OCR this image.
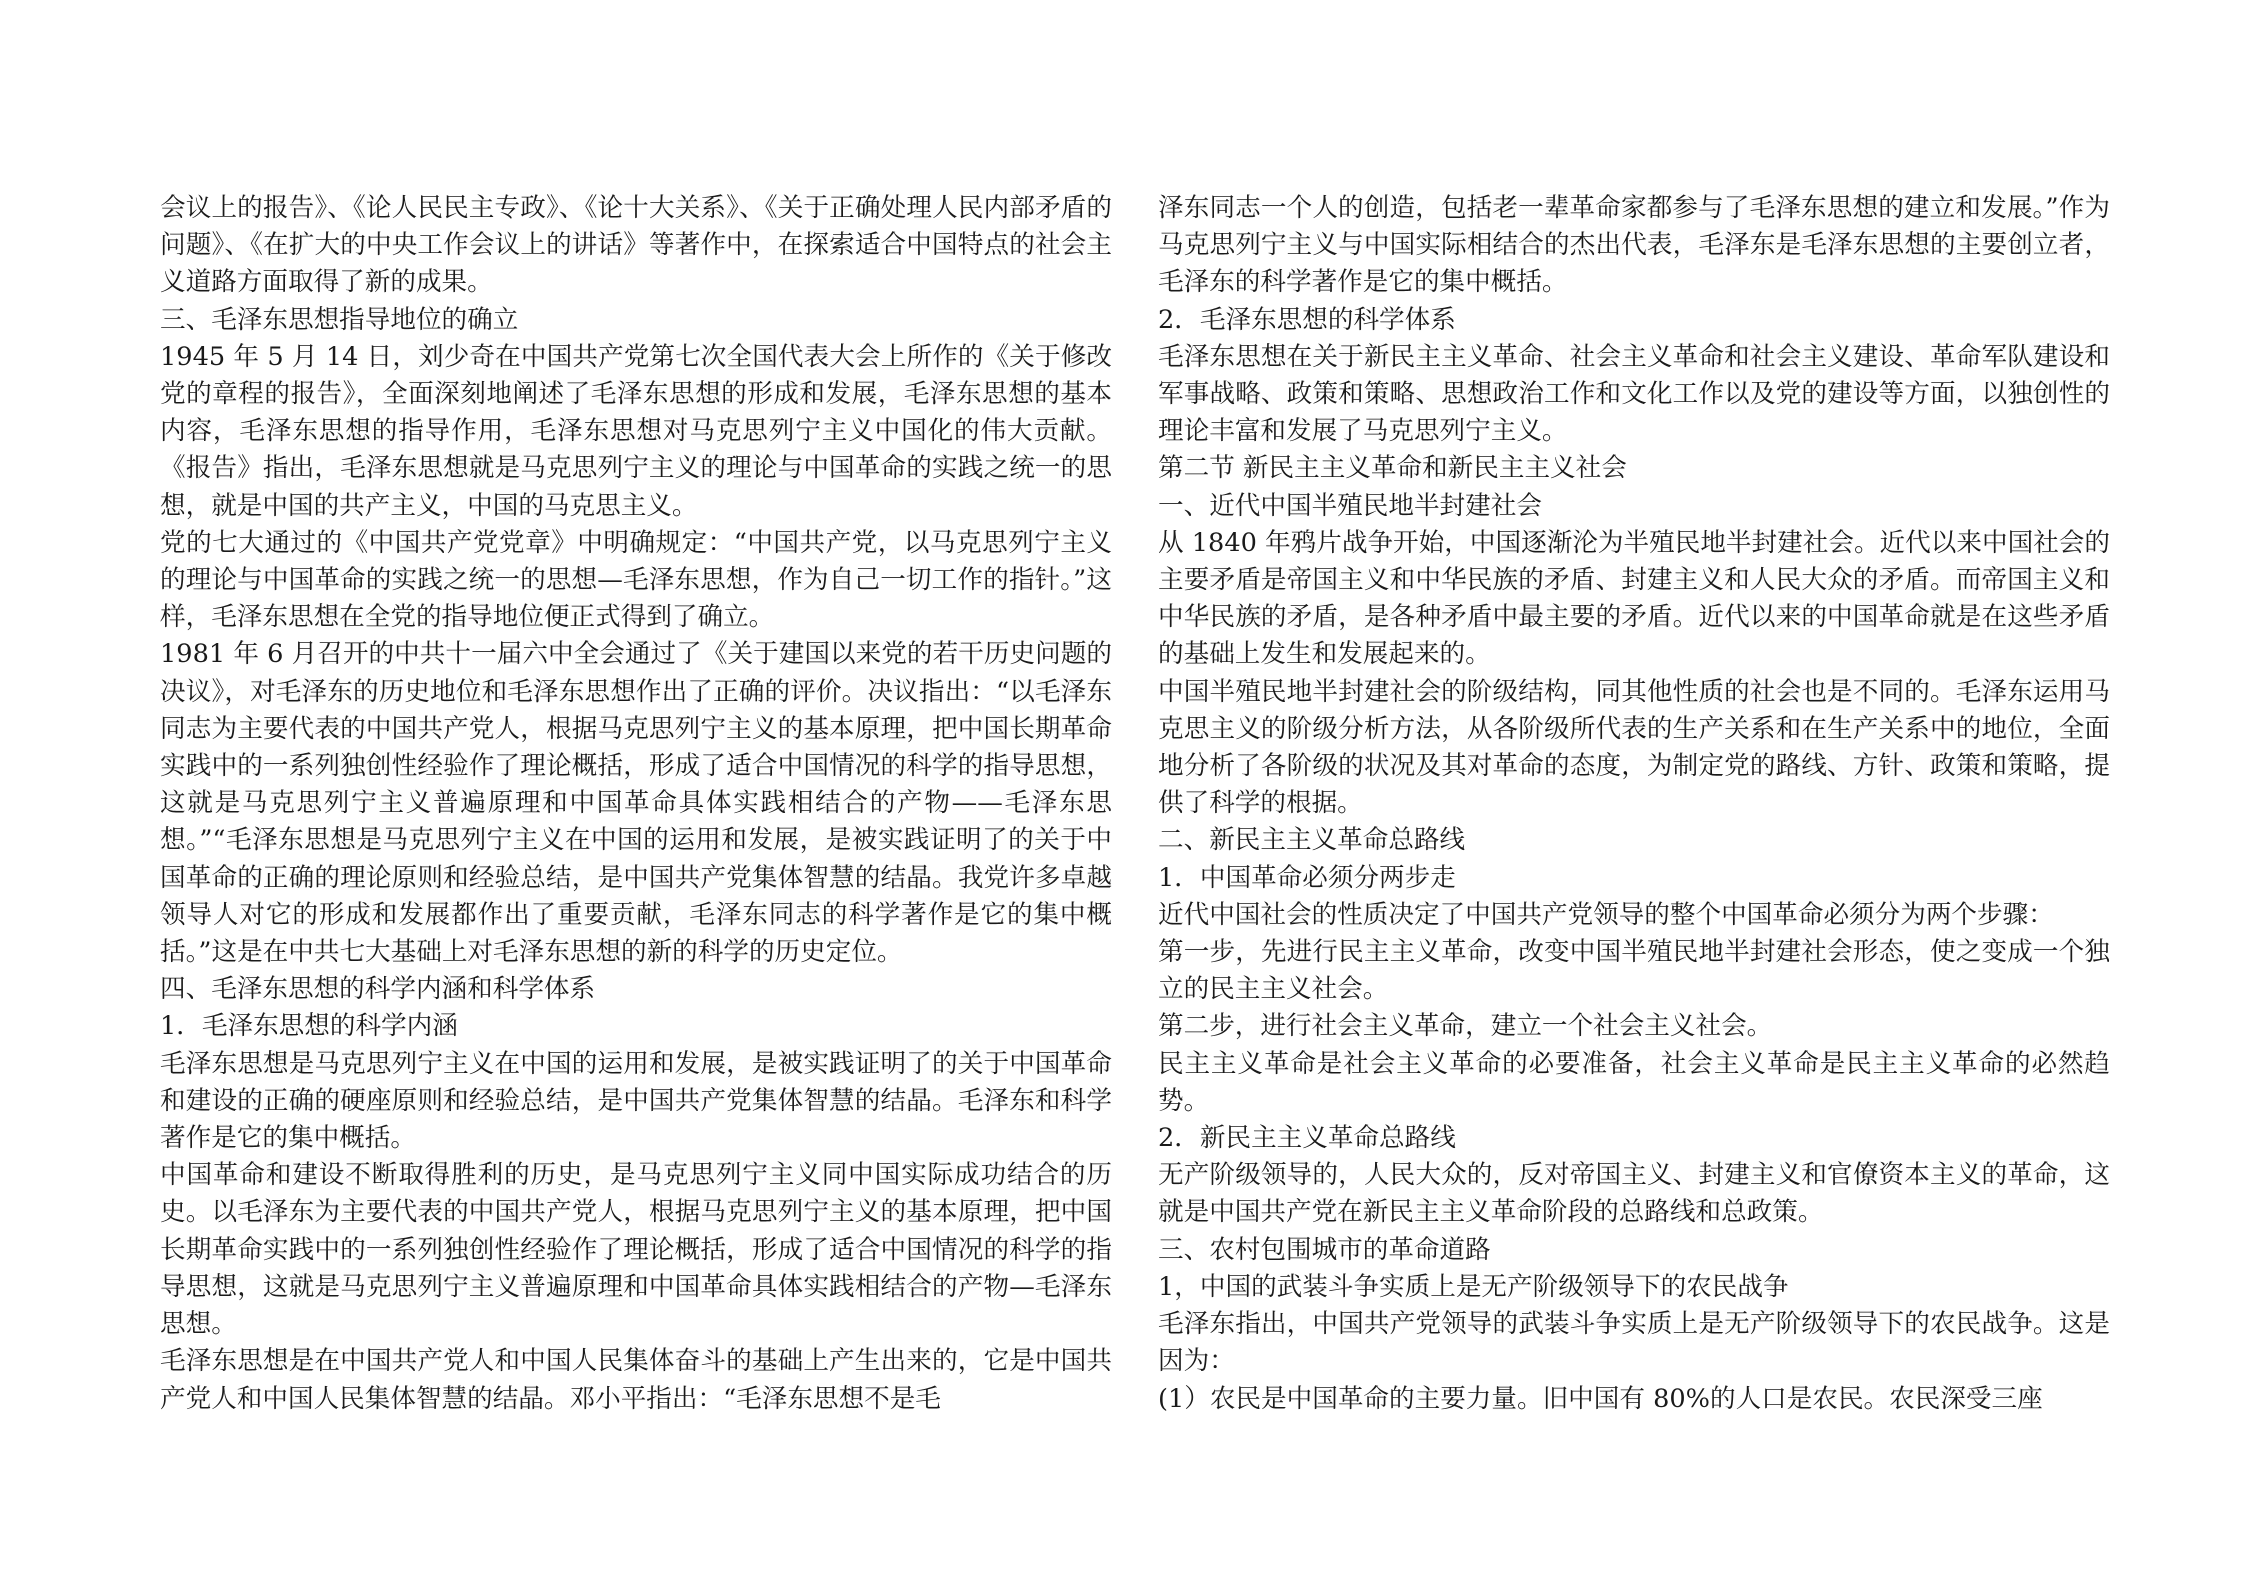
会议上的报告》、《论人民民主专政》、《论十大关系》、《关于正确处理人民内部矛盾的问题》、《在扩大的中央工作会议上的讲话》等著作中，在探索适合中国特点的社会主义道路方面取得了新的成果。

三、毛泽东思想指导地位的确立

1945 年 5 月 14 日，刘少奇在中国共产党第七次全国代表大会上所作的《关于修改党的章程的报告》，全面深刻地阐述了毛泽东思想的形成和发展，毛泽东思想的基本内容，毛泽东思想的指导作用，毛泽东思想对马克思列宁主义中国化的伟大贡献。《报告》指出，毛泽东思想就是马克思列宁主义的理论与中国革命的实践之统一的思想，就是中国的共产主义，中国的马克思主义。

党的七大通过的《中国共产党党章》中明确规定：“中国共产党，以马克思列宁主义的理论与中国革命的实践之统一的思想—毛泽东思想，作为自己一切工作的指针。”这样，毛泽东思想在全党的指导地位便正式得到了确立。

1981 年 6 月召开的中共十一届六中全会通过了《关于建国以来党的若干历史问题的决议》，对毛泽东的历史地位和毛泽东思想作出了正确的评价。决议指出：“以毛泽东同志为主要代表的中国共产党人，根据马克思列宁主义的基本原理，把中国长期革命实践中的一系列独创性经验作了理论概括，形成了适合中国情况的科学的指导思想，这就是马克思列宁主义普遍原理和中国革命具体实践相结合的产物——毛泽东思想。”“毛泽东思想是马克思列宁主义在中国的运用和发展，是被实践证明了的关于中国革命的正确的理论原则和经验总结，是中国共产党集体智慧的结晶。我党许多卓越领导人对它的形成和发展都作出了重要贡献，毛泽东同志的科学著作是它的集中概括。”这是在中共七大基础上对毛泽东思想的新的科学的历史定位。

四、毛泽东思想的科学内涵和科学体系

1．毛泽东思想的科学内涵

毛泽东思想是马克思列宁主义在中国的运用和发展，是被实践证明了的关于中国革命和建设的正确的硬座原则和经验总结，是中国共产党集体智慧的结晶。毛泽东和科学著作是它的集中概括。

中国革命和建设不断取得胜利的历史，是马克思列宁主义同中国实际成功结合的历史。以毛泽东为主要代表的中国共产党人，根据马克思列宁主义的基本原理，把中国长期革命实践中的一系列独创性经验作了理论概括，形成了适合中国情况的科学的指导思想，这就是马克思列宁主义普遍原理和中国革命具体实践相结合的产物—毛泽东思想。

毛泽东思想是在中国共产党人和中国人民集体奋斗的基础上产生出来的，它是中国共产党人和中国人民集体智慧的结晶。邓小平指出：“毛泽东思想不是毛

泽东同志一个人的创造，包括老一辈革命家都参与了毛泽东思想的建立和发展。”作为马克思列宁主义与中国实际相结合的杰出代表，毛泽东是毛泽东思想的主要创立者，毛泽东的科学著作是它的集中概括。

2．毛泽东思想的科学体系

毛泽东思想在关于新民主主义革命、社会主义革命和社会主义建设、革命军队建设和军事战略、政策和策略、思想政治工作和文化工作以及党的建设等方面，以独创性的理论丰富和发展了马克思列宁主义。

第二节 新民主主义革命和新民主主义社会

一、近代中国半殖民地半封建社会

从 1840 年鸦片战争开始，中国逐渐沦为半殖民地半封建社会。近代以来中国社会的主要矛盾是帝国主义和中华民族的矛盾、封建主义和人民大众的矛盾。而帝国主义和中华民族的矛盾，是各种矛盾中最主要的矛盾。近代以来的中国革命就是在这些矛盾的基础上发生和发展起来的。

中国半殖民地半封建社会的阶级结构，同其他性质的社会也是不同的。毛泽东运用马克思主义的阶级分析方法，从各阶级所代表的生产关系和在生产关系中的地位，全面地分析了各阶级的状况及其对革命的态度，为制定党的路线、方针、政策和策略，提供了科学的根据。

二、新民主主义革命总路线

1．中国革命必须分两步走

近代中国社会的性质决定了中国共产党领导的整个中国革命必须分为两个步骤：

第一步，先进行民主主义革命，改变中国半殖民地半封建社会形态，使之变成一个独立的民主主义社会。

第二步，进行社会主义革命，建立一个社会主义社会。

民主主义革命是社会主义革命的必要准备，社会主义革命是民主主义革命的必然趋势。

2．新民主主义革命总路线

无产阶级领导的，人民大众的，反对帝国主义、封建主义和官僚资本主义的革命，这就是中国共产党在新民主主义革命阶段的总路线和总政策。

三、农村包围城市的革命道路

1，中国的武装斗争实质上是无产阶级领导下的农民战争

毛泽东指出，中国共产党领导的武装斗争实质上是无产阶级领导下的农民战争。这是因为：

(1）农民是中国革命的主要力量。旧中国有 80%的人口是农民。农民深受三座
